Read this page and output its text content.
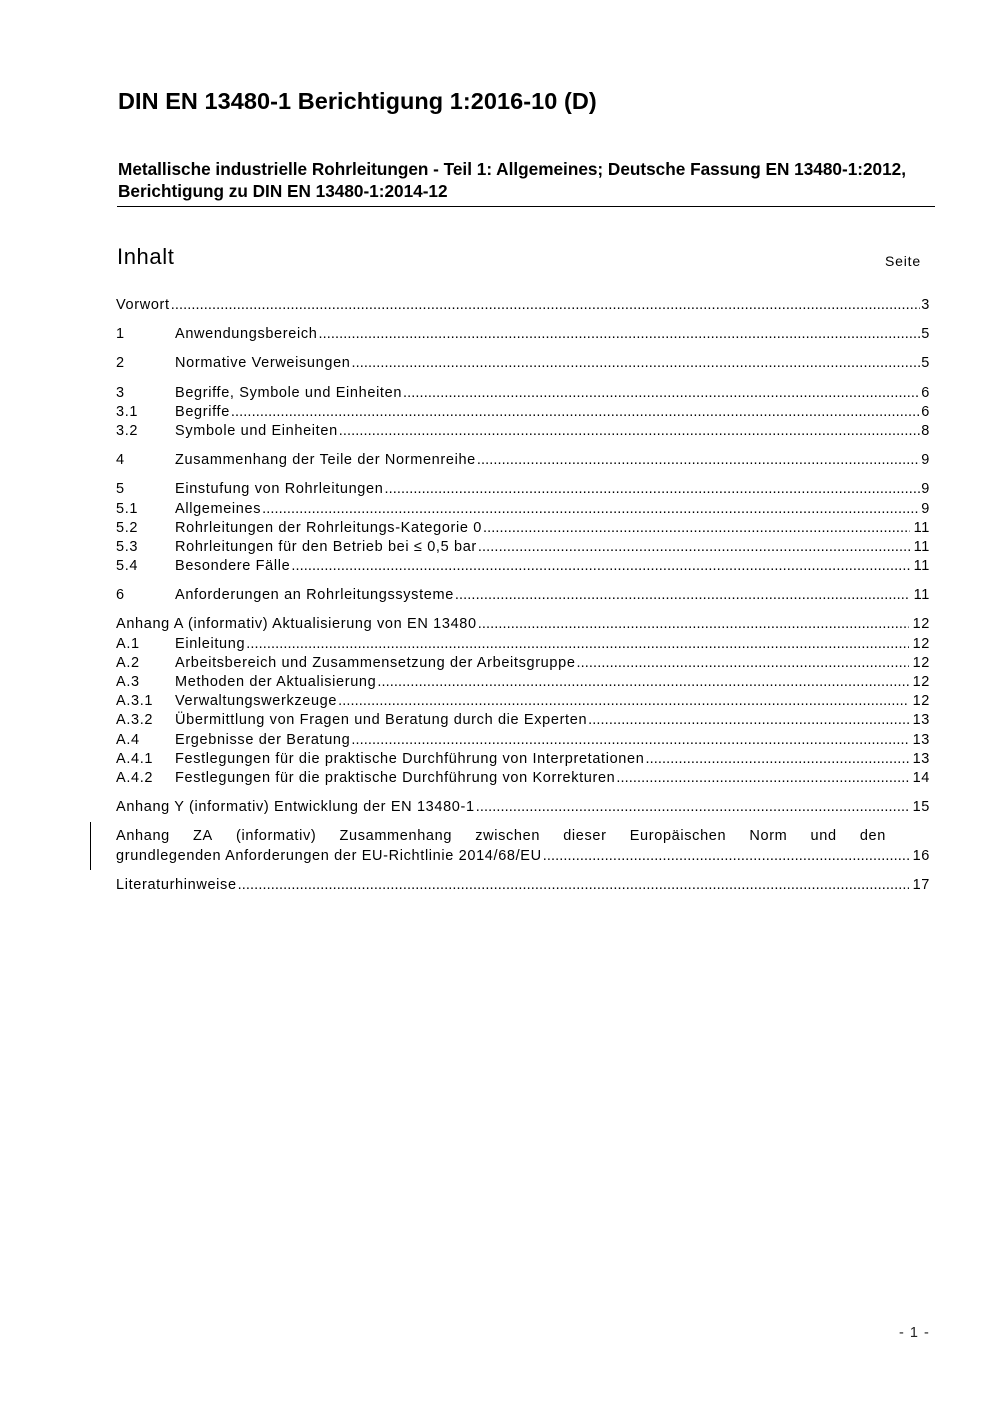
DIN EN 13480-1 Berichtigung 1:2016-10 (D)
Metallische industrielle Rohrleitungen - Teil 1: Allgemeines; Deutsche Fassung EN 13480-1:2012, Berichtigung zu DIN EN 13480-1:2014-12
Inhalt	Seite
Vorwort .....	3
1	Anwendungsbereich .....	5
2	Normative Verweisungen .....	5
3	Begriffe, Symbole und Einheiten .....	6
3.1	Begriffe .....	6
3.2	Symbole und Einheiten .....	8
4	Zusammenhang der Teile der Normenreihe .....	9
5	Einstufung von Rohrleitungen .....	9
5.1	Allgemeines .....	9
5.2	Rohrleitungen der Rohrleitungs-Kategorie 0 .....	11
5.3	Rohrleitungen für den Betrieb bei ≤ 0,5 bar .....	11
5.4	Besondere Fälle .....	11
6	Anforderungen an Rohrleitungssysteme .....	11
Anhang A (informativ) Aktualisierung von EN 13480 .....	12
A.1	Einleitung .....	12
A.2	Arbeitsbereich und Zusammensetzung der Arbeitsgruppe .....	12
A.3	Methoden der Aktualisierung .....	12
A.3.1	Verwaltungswerkzeuge .....	12
A.3.2	Übermittlung von Fragen und Beratung durch die Experten .....	13
A.4	Ergebnisse der Beratung .....	13
A.4.1	Festlegungen für die praktische Durchführung von Interpretationen .....	13
A.4.2	Festlegungen für die praktische Durchführung von Korrekturen .....	14
Anhang Y (informativ) Entwicklung der EN 13480-1 .....	15
Anhang ZA (informativ) Zusammenhang zwischen dieser Europäischen Norm und den
grundlegenden Anforderungen der EU-Richtlinie 2014/68/EU .....	16
Literaturhinweise .....	17
- 1 -
